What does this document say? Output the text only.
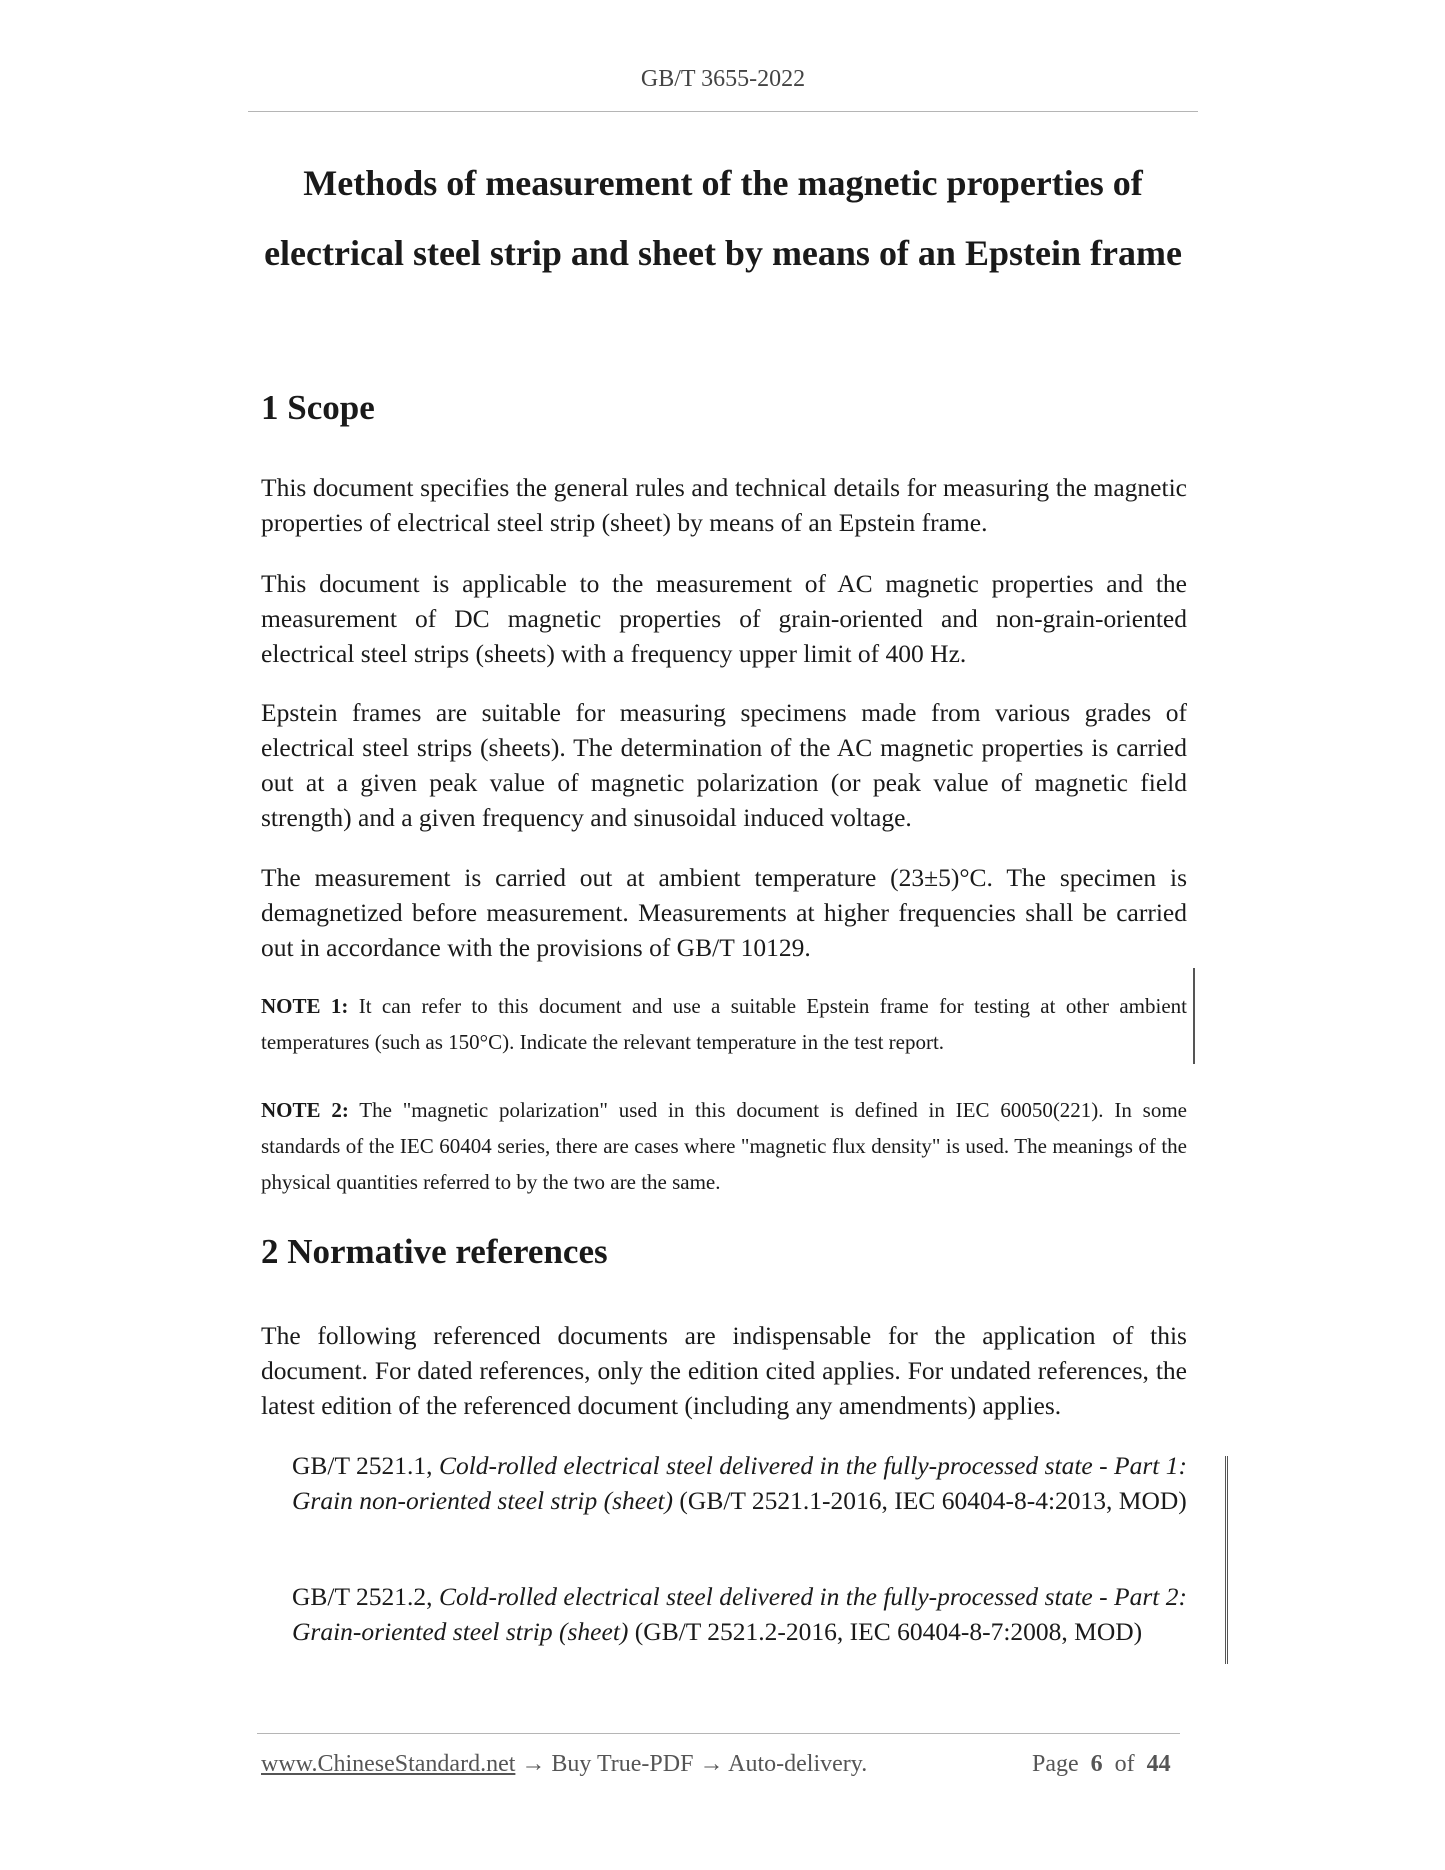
GB/T 3655-2022
Methods of measurement of the magnetic properties of
electrical steel strip and sheet by means of an Epstein frame
1 Scope

This document specifies the general rules and technical details for measuring the magnetic properties of electrical steel strip (sheet) by means of an Epstein frame.

This document is applicable to the measurement of AC magnetic properties and the measurement of DC magnetic properties of grain-oriented and non-grain-oriented electrical steel strips (sheets) with a frequency upper limit of 400 Hz.

Epstein frames are suitable for measuring specimens made from various grades of electrical steel strips (sheets). The determination of the AC magnetic properties is carried out at a given peak value of magnetic polarization (or peak value of magnetic field strength) and a given frequency and sinusoidal induced voltage.

The measurement is carried out at ambient temperature (23±5)°C. The specimen is demagnetized before measurement. Measurements at higher frequencies shall be carried out in accordance with the provisions of GB/T 10129.

NOTE 1: It can refer to this document and use a suitable Epstein frame for testing at other ambient temperatures (such as 150°C). Indicate the relevant temperature in the test report.

NOTE 2: The "magnetic polarization" used in this document is defined in IEC 60050(221). In some standards of the IEC 60404 series, there are cases where "magnetic flux density" is used. The meanings of the physical quantities referred to by the two are the same.

2 Normative references

The following referenced documents are indispensable for the application of this document. For dated references, only the edition cited applies. For undated references, the latest edition of the referenced document (including any amendments) applies.

GB/T 2521.1, Cold-rolled electrical steel delivered in the fully-processed state - Part 1: Grain non-oriented steel strip (sheet) (GB/T 2521.1-2016, IEC 60404-8-4:2013, MOD)

GB/T 2521.2, Cold-rolled electrical steel delivered in the fully-processed state - Part 2: Grain-oriented steel strip (sheet) (GB/T 2521.2-2016, IEC 60404-8-7:2008, MOD)

www.ChineseStandard.net → Buy True-PDF → Auto-delivery.	Page 6 of 44
